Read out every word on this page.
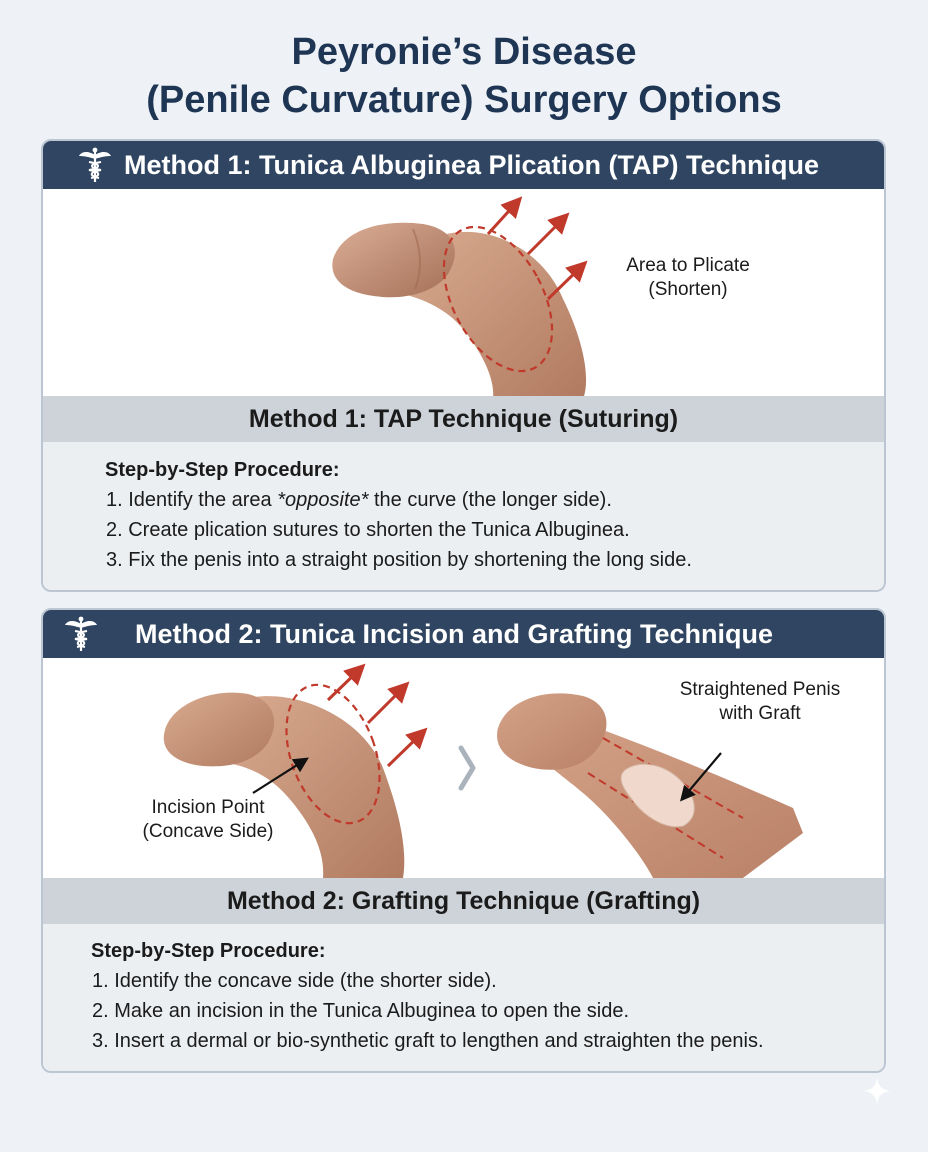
Peyronie’s Disease
(Penile Curvature) Surgery Options
Method 1: Tunica Albuginea Plication (TAP) Technique
Area to Plicate
(Shorten)
Method 1: TAP Technique (Suturing)
Step-by-Step Procedure:
1. Identify the area *opposite* the curve (the longer side).
2. Create plication sutures to shorten the Tunica Albuginea.
3. Fix the penis into a straight position by shortening the long side.
Method 2: Tunica Incision and Grafting Technique
Incision Point
(Concave Side)
Straightened Penis
with Graft
Method 2: Grafting Technique (Grafting)
Step-by-Step Procedure:
1. Identify the concave side (the shorter side).
2. Make an incision in the Tunica Albuginea to open the side.
3. Insert a dermal or bio-synthetic graft to lengthen and straighten the penis.
